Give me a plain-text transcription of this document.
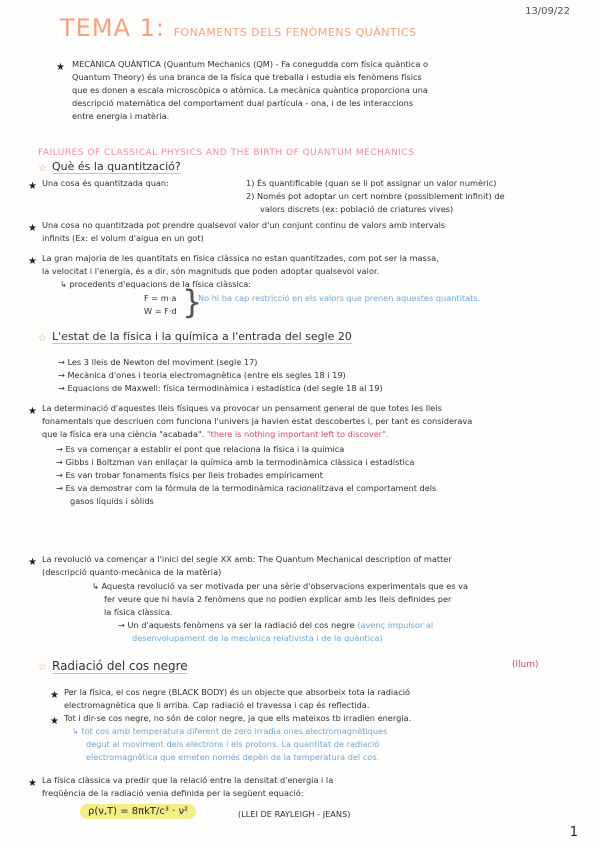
13/09/22
TEMA 1: FONAMENTS DELS FENÒMENS QUÀNTICS
★ MECÀNICA QUÀNTICA (Quantum Mechanics (QM) - Fa conegudda com física quàntica o
Quantum Theory) és una branca de la física que treballa i estudia els fenòmens físics
que es donen a escala microscòpica o atòmica. La mecànica quàntica proporciona una
descripció matemàtica del comportament dual partícula - ona, i de les interaccions
entre energia i matèria.
FAILURES OF CLASSICAL PHYSICS AND THE BIRTH OF QUANTUM MECHANICS
☆ Què és la quantització?
★ Una cosa és quantitzada quan:	1) És quantificable (quan se li pot assignar un valor numèric)
2) Només pot adoptar un cert nombre (possiblement infinit) de
valors discrets (ex: població de criatures vives)
★ Una cosa no quantitzada pot prendre qualsevol valor d'un conjunt continu de valors amb intervals
infinits (Ex: el volum d'aigua en un got)
★ La gran majoria de les quantitats en física clàssica no estan quantitzades, com pot ser la massa,
la velocitat i l'energia, és a dir, són magnituds que poden adoptar qualsevol valor.
↳ procedents d'equacions de la física clàssica:
F = m·a
W = F·d }
No hi ha cap restricció en els valors que prenen aquestes quantitats.
☆ L'estat de la física i la química a l'entrada del segle 20
→ Les 3 lleis de Newton del moviment (segle 17)
→ Mecànica d'ones i teoria electromagnètica (entre els segles 18 i 19)
→ Equacions de Maxwell: física termodinàmica i estadística (del segle 18 al 19)
★ La determinació d'aquestes lleis físiques va provocar un pensament general de que totes les lleis
fonamentals que descriuen com funciona l'univers ja havien estat descobertes i, per tant es considerava
que la física era una ciència "acabada". "there is nothing important left to discover".
→ Es va començar a establir el pont que relaciona la física i la química
→ Gibbs i Boltzman van enllaçar la química amb la termodinàmica clàssica i estadística
→ Es van trobar fonaments físics per lleis trobades empíricament
→ Es va demostrar com la fórmula de la termodinàmica racionalitzava el comportament dels
gasos líquids i sòlids
★ La revolució va començar a l'inici del segle XX amb: The Quantum Mechanical description of matter
(descripció quanto-mecànica de la matèria)
↳ Aquesta revolució va ser motivada per una sèrie d'observacions experimentals que es va
fer veure que hi havia 2 fenòmens que no podien explicar amb les lleis definides per
la física clàssica.
→ Un d'aquests fenòmens va ser la radiació del cos negre (avenç impulsor al
desenvolupament de la mecànica relativista i de la quàntica)
☆ Radiació del cos negre	(llum)
★ Per la física, el cos negre (BLACK BODY) és un objecte que absorbeix tota la radiació
electromagnètica que li arriba. Cap radiació el travessa i cap és reflectida.
★ Tot i dir-se cos negre, no són de color negre, ja que ells mateixos tb irradien energia.
↳ tot cos amb temperatura diferent de zero irradia ones electromagnètiques
degut al moviment dels electrons i els protons. La quantitat de radiació
electromagnètica que emeten només depèn de la temperatura del cos.
★ La física clàssica va predir que la relació entre la densitat d'energia i la
freqüència de la radiació venia definida per la següent equació:
ρ(ν,T) = 8πkT/c³ · ν²	(LLEI DE RAYLEIGH - JEANS)
1
